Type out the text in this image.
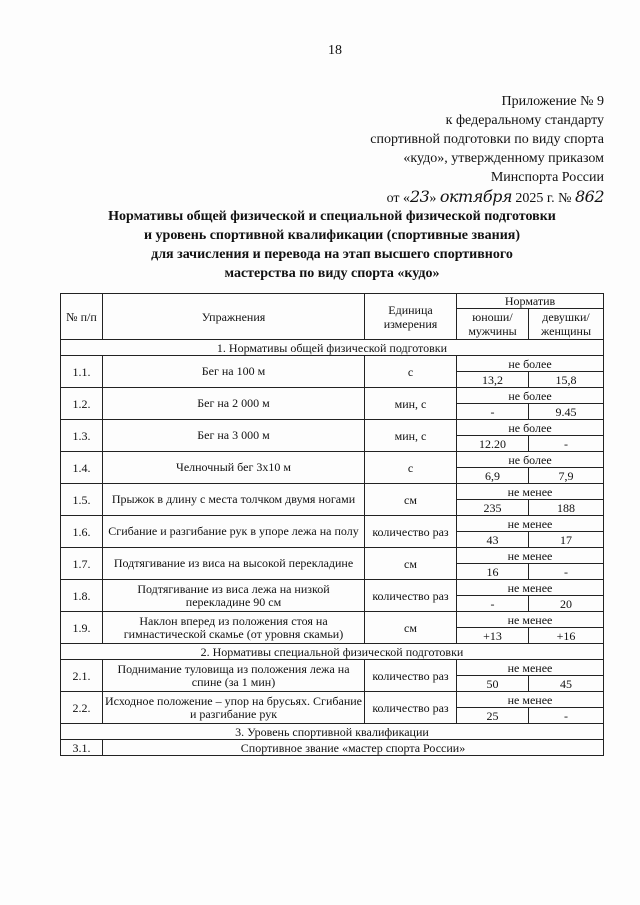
18
Приложение № 9
к федеральному стандарту
спортивной подготовки по виду спорта
«кудо», утвержденному приказом
Минспорта России
от «23» октября 2025 г. № 862
Нормативы общей физической и специальной физической подготовки
и уровень спортивной квалификации (спортивные звания)
для зачисления и перевода на этап высшего спортивного
мастерства по виду спорта «кудо»
№ п/п	Упражнения	Единица измерения	Норматив	
			юноши/ мужчины	девушки/ женщины
1. Нормативы общей физической подготовки				
1.1.	Бег на 100 м	с	не более	
			13,2	15,8
1.2.	Бег на 2 000 м	мин, с	не более	
			-	9.45
1.3.	Бег на 3 000 м	мин, с	не более	
			12.20	-
1.4.	Челночный бег 3х10 м	с	не более	
			6,9	7,9
1.5.	Прыжок в длину с места толчком двумя ногами	см	не менее	
			235	188
1.6.	Сгибание и разгибание рук в упоре лежа на полу	количество раз	не менее	
			43	17
1.7.	Подтягивание из виса на высокой перекладине	см	не менее	
			16	-
1.8.	Подтягивание из виса лежа на низкой перекладине 90 см	количество раз	не менее	
			-	20
1.9.	Наклон вперед из положения стоя на гимнастической скамье (от уровня скамьи)	см	не менее	
			+13	+16
2. Нормативы специальной физической подготовки				
2.1.	Поднимание туловища из положения лежа на спине (за 1 мин)	количество раз	не менее	
			50	45
2.2.	Исходное положение – упор на брусьях. Сгибание и разгибание рук	количество раз	не менее	
			25	-
3. Уровень спортивной квалификации				
3.1.	Спортивное звание «мастер спорта России»			
